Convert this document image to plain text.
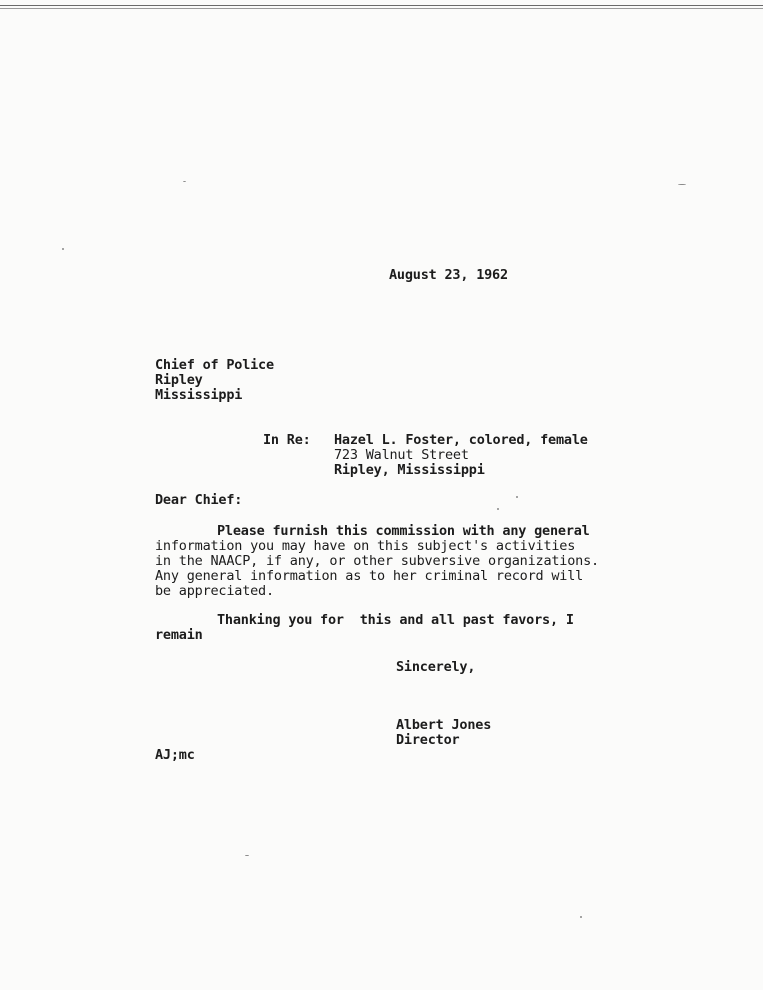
August 23, 1962
Chief of Police
Ripley
Mississippi
In Re: Hazel L. Foster, colored, female
723 Walnut Street
Ripley, Mississippi
Dear Chief:
Please furnish this commission with any general
information you may have on this subject's activities
in the NAACP, if any, or other subversive organizations.
Any general information as to her criminal record will
be appreciated.
Thanking you for  this and all past favors, I
remain
Sincerely,
Albert Jones
Director
AJ;mc
